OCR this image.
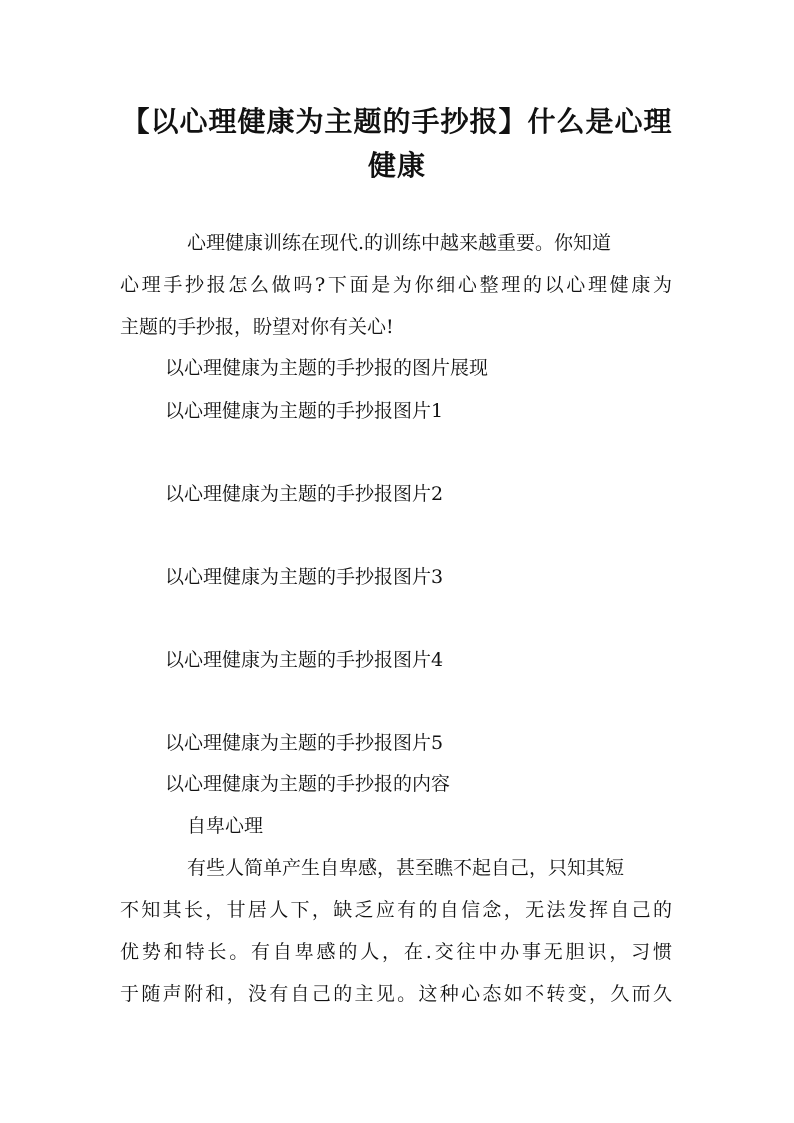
【以心理健康为主题的手抄报】什么是心理
健康
心理健康训练在现代.的训练中越来越重要。你知道
心理手抄报怎么做吗?下面是为你细心整理的以心理健康为
主题的手抄报，盼望对你有关心!
以心理健康为主题的手抄报的图片展现
以心理健康为主题的手抄报图片1
以心理健康为主题的手抄报图片2
以心理健康为主题的手抄报图片3
以心理健康为主题的手抄报图片4
以心理健康为主题的手抄报图片5
以心理健康为主题的手抄报的内容
自卑心理
有些人简单产生自卑感，甚至瞧不起自己，只知其短
不知其长，甘居人下，缺乏应有的自信念，无法发挥自己的
优势和特长。有自卑感的人，在.交往中办事无胆识，习惯
于随声附和，没有自己的主见。这种心态如不转变，久而久
